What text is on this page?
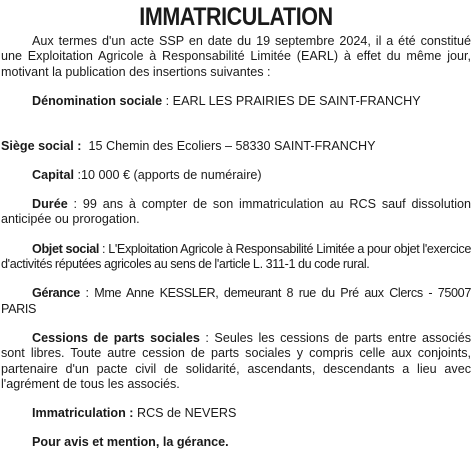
IMMATRICULATION

Aux termes d'un acte SSP en date du 19 septembre 2024, il a été constitué une Exploitation Agricole à Responsabilité Limitée (EARL) à effet du même jour, motivant la publication des insertions suivantes :

Dénomination sociale : EARL LES PRAIRIES DE SAINT-FRANCHY

Siège social : 15 Chemin des Ecoliers – 58330 SAINT-FRANCHY

Capital :10 000 € (apports de numéraire)

Durée : 99 ans à compter de son immatriculation au RCS sauf dissolution anticipée ou prorogation.

Objet social : L'Exploitation Agricole à Responsabilité Limitée a pour objet l'exercice d'activités réputées agricoles au sens de l'article L. 311-1 du code rural.

Gérance : Mme Anne KESSLER, demeurant 8 rue du Pré aux Clercs - 75007 PARIS

Cessions de parts sociales : Seules les cessions de parts entre associés sont libres. Toute autre cession de parts sociales y compris celle aux conjoints, partenaire d'un pacte civil de solidarité, ascendants, descendants a lieu avec l'agrément de tous les associés.

Immatriculation : RCS de NEVERS

Pour avis et mention, la gérance.
